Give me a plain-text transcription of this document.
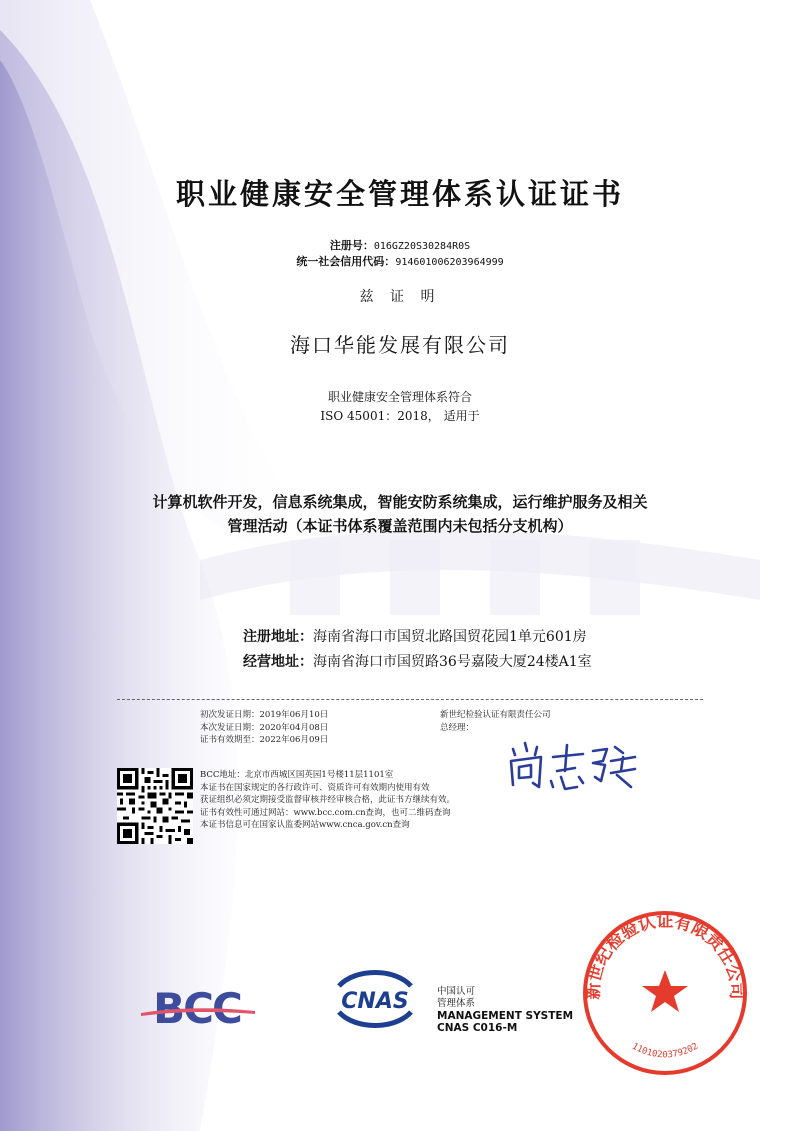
职业健康安全管理体系认证证书
注册号：016GZ20S30284R0S
统一社会信用代码：914601006203964999
兹 证 明
海口华能发展有限公司
职业健康安全管理体系符合
ISO 45001：2018， 适用于
计算机软件开发，信息系统集成，智能安防系统集成，运行维护服务及相关
管理活动（本证书体系覆盖范围内未包括分支机构）
注册地址：海南省海口市国贸北路国贸花园1单元601房
经营地址：海南省海口市国贸路36号嘉陵大厦24楼A1室
初次发证日期：2019年06月10日
本次发证日期：2020年04月08日
证书有效期至：2022年06月09日
新世纪检验认证有限责任公司
总经理：
BCC地址：北京市西城区国英园1号楼11层1101室
本证书在国家规定的各行政许可、资质许可有效期内使用有效
获证组织必须定期接受监督审核并经审核合格，此证书方继续有效。
证书有效性可通过网站：www.bcc.com.cn查询，也可二维码查询
本证书信息可在国家认监委网站www.cnca.gov.cn查询
BCC	CNAS	中国认可
管理体系
MANAGEMENT SYSTEM
CNAS C016-M
新世纪检验认证有限责任公司
1101020379202
